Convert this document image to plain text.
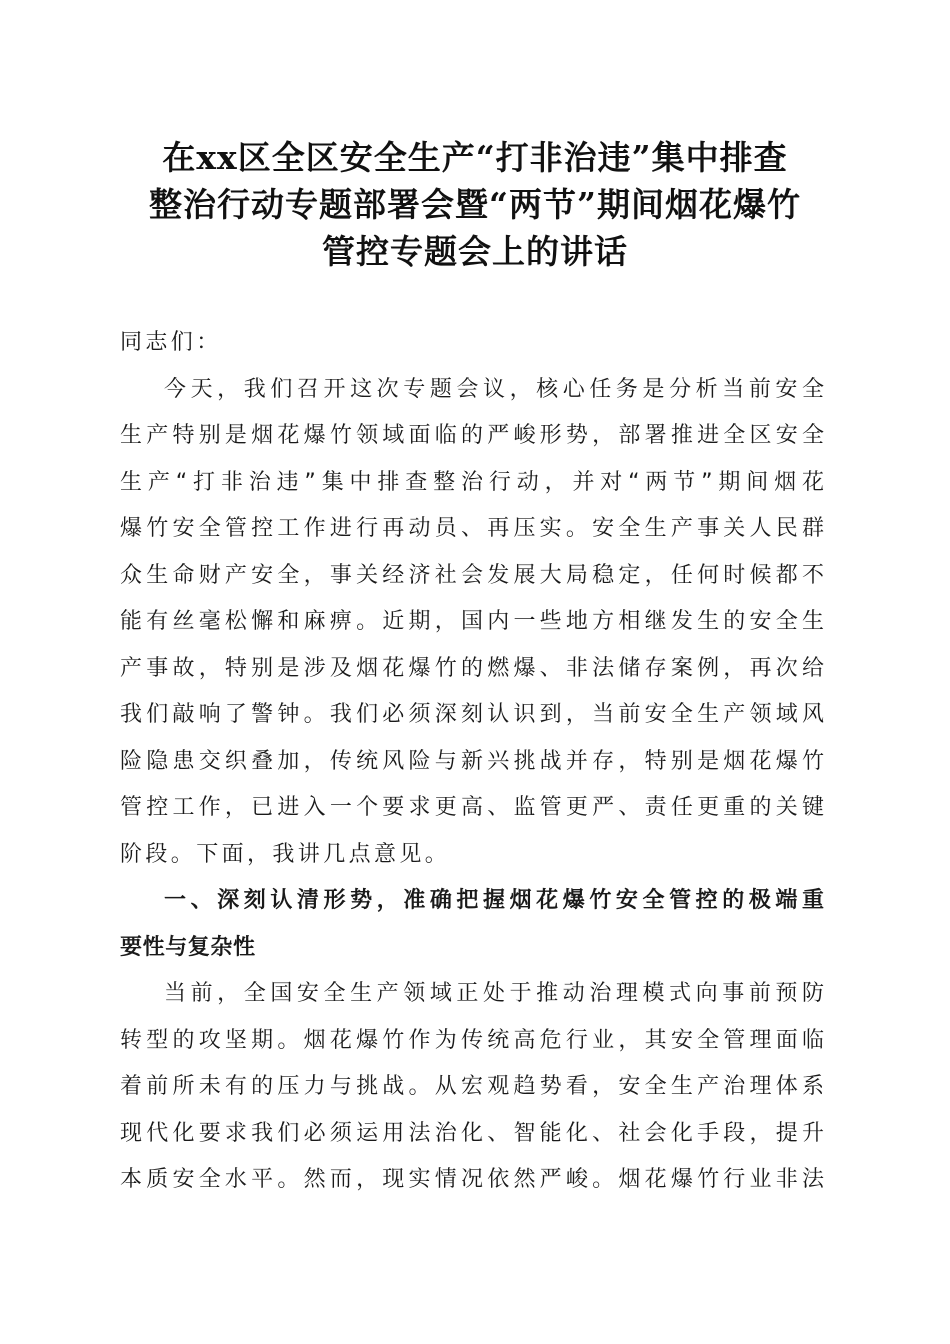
在xx区全区安全生产“打非治违”集中排查
整治行动专题部署会暨“两节”期间烟花爆竹
管控专题会上的讲话
同志们：
今天，我们召开这次专题会议，核心任务是分析当前安全
生产特别是烟花爆竹领域面临的严峻形势，部署推进全区安全
生产“打非治违”集中排查整治行动，并对“两节”期间烟花
爆竹安全管控工作进行再动员、再压实。安全生产事关人民群
众生命财产安全，事关经济社会发展大局稳定，任何时候都不
能有丝毫松懈和麻痹。近期，国内一些地方相继发生的安全生
产事故，特别是涉及烟花爆竹的燃爆、非法储存案例，再次给
我们敲响了警钟。我们必须深刻认识到，当前安全生产领域风
险隐患交织叠加，传统风险与新兴挑战并存，特别是烟花爆竹
管控工作，已进入一个要求更高、监管更严、责任更重的关键
阶段。下面，我讲几点意见。
一、深刻认清形势，准确把握烟花爆竹安全管控的极端重
要性与复杂性
当前，全国安全生产领域正处于推动治理模式向事前预防
转型的攻坚期。烟花爆竹作为传统高危行业，其安全管理面临
着前所未有的压力与挑战。从宏观趋势看，安全生产治理体系
现代化要求我们必须运用法治化、智能化、社会化手段，提升
本质安全水平。然而，现实情况依然严峻。烟花爆竹行业非法
